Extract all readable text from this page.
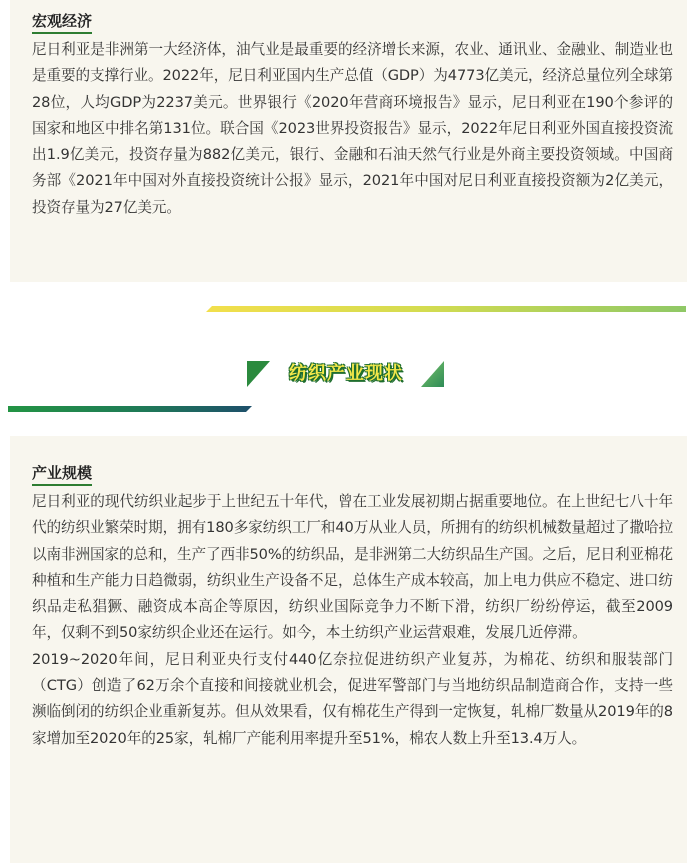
宏观经济

尼日利亚是非洲第一大经济体，油气业是最重要的经济增长来源，农业、通讯业、金融业、制造业也是重要的支撑行业。2022年，尼日利亚国内生产总值（GDP）为4773亿美元，经济总量位列全球第28位，人均GDP为2237美元。世界银行《2020年营商环境报告》显示，尼日利亚在190个参评的国家和地区中排名第131位。联合国《2023世界投资报告》显示，2022年尼日利亚外国直接投资流出1.9亿美元，投资存量为882亿美元，银行、金融和石油天然气行业是外商主要投资领域。中国商务部《2021年中国对外直接投资统计公报》显示，2021年中国对尼日利亚直接投资额为2亿美元，投资存量为27亿美元。

纺织产业现状
产业规模

尼日利亚的现代纺织业起步于上世纪五十年代，曾在工业发展初期占据重要地位。在上世纪七八十年代的纺织业繁荣时期，拥有180多家纺织工厂和40万从业人员，所拥有的纺织机械数量超过了撒哈拉以南非洲国家的总和，生产了西非50%的纺织品，是非洲第二大纺织品生产国。之后，尼日利亚棉花种植和生产能力日趋微弱，纺织业生产设备不足，总体生产成本较高，加上电力供应不稳定、进口纺织品走私猖獗、融资成本高企等原因，纺织业国际竞争力不断下滑，纺织厂纷纷停运，截至2009年，仅剩不到50家纺织企业还在运行。如今，本土纺织产业运营艰难，发展几近停滞。

2019~2020年间，尼日利亚央行支付440亿奈拉促进纺织产业复苏，为棉花、纺织和服装部门（CTG）创造了62万余个直接和间接就业机会，促进军警部门与当地纺织品制造商合作，支持一些濒临倒闭的纺织企业重新复苏。但从效果看，仅有棉花生产得到一定恢复，轧棉厂数量从2019年的8家增加至2020年的25家，轧棉厂产能利用率提升至51%，棉农人数上升至13.4万人。
